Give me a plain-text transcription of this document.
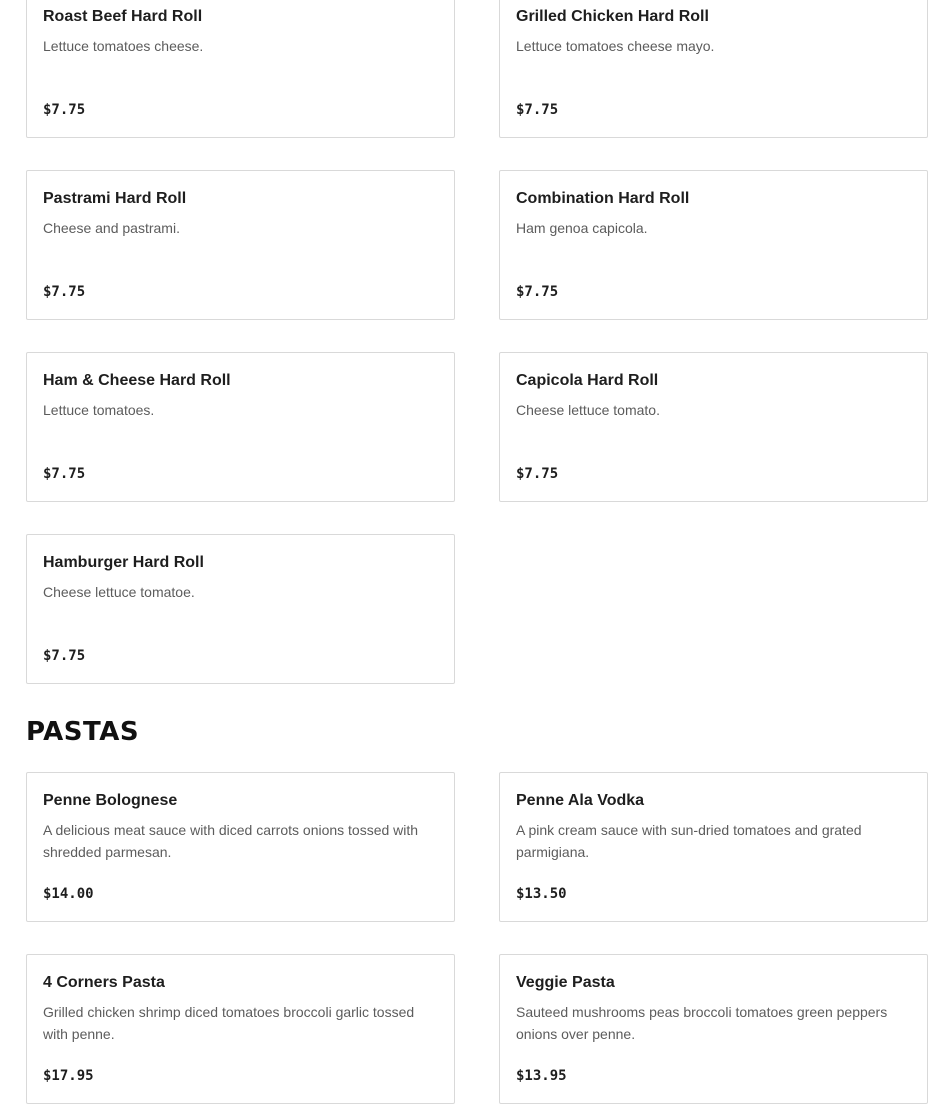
Roast Beef Hard Roll
Lettuce tomatoes cheese.
$7.75
Grilled Chicken Hard Roll
Lettuce tomatoes cheese mayo.
$7.75
Pastrami Hard Roll
Cheese and pastrami.
$7.75
Combination Hard Roll
Ham genoa capicola.
$7.75
Ham & Cheese Hard Roll
Lettuce tomatoes.
$7.75
Capicola Hard Roll
Cheese lettuce tomato.
$7.75
Hamburger Hard Roll
Cheese lettuce tomatoe.
$7.75
PASTAS
Penne Bolognese
A delicious meat sauce with diced carrots onions tossed with shredded parmesan.
$14.00
Penne Ala Vodka
A pink cream sauce with sun-dried tomatoes and grated parmigiana.
$13.50
4 Corners Pasta
Grilled chicken shrimp diced tomatoes broccoli garlic tossed with penne.
$17.95
Veggie Pasta
Sauteed mushrooms peas broccoli tomatoes green peppers onions over penne.
$13.95
